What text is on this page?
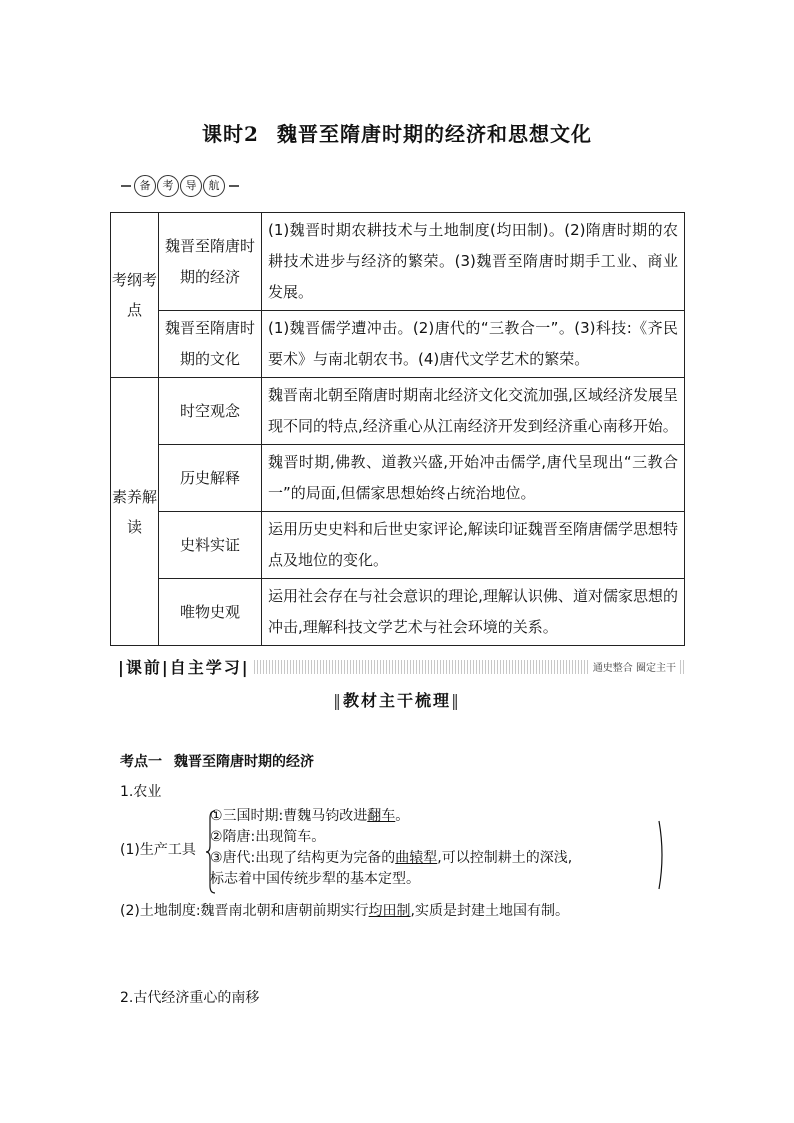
课时2 魏晋至隋唐时期的经济和思想文化
备	考	导	航
考纲考点	魏晋至隋唐时期的经济	(1)魏晋时期农耕技术与土地制度(均田制)。(2)隋唐时期的农耕技术进步与经济的繁荣。(3)魏晋至隋唐时期手工业、商业发展。
	魏晋至隋唐时期的文化	(1)魏晋儒学遭冲击。(2)唐代的“三教合一”。(3)科技:《齐民要术》与南北朝农书。(4)唐代文学艺术的繁荣。
素养解读	时空观念	魏晋南北朝至隋唐时期南北经济文化交流加强,区域经济发展呈现不同的特点,经济重心从江南经济开发到经济重心南移开始。
	历史解释	魏晋时期,佛教、道教兴盛,开始冲击儒学,唐代呈现出“三教合一”的局面,但儒家思想始终占统治地位。
	史料实证	运用历史史料和后世史家评论,解读印证魏晋至隋唐儒学思想特点及地位的变化。
	唯物史观	运用社会存在与社会意识的理论,理解认识佛、道对儒家思想的冲击,理解科技文学艺术与社会环境的关系。
|课前|自主学习|	通史整合 圈定主干
‖教材主干梳理‖
考点一 魏晋至隋唐时期的经济
1.农业
(1)生产工具
①三国时期:曹魏马钧改进翻车。
②隋唐:出现简车。
③唐代:出现了结构更为完备的曲辕犁,可以控制耕土的深浅,
标志着中国传统步犁的基本定型。
(2)土地制度:魏晋南北朝和唐朝前期实行均田制,实质是封建土地国有制。
2.古代经济重心的南移
